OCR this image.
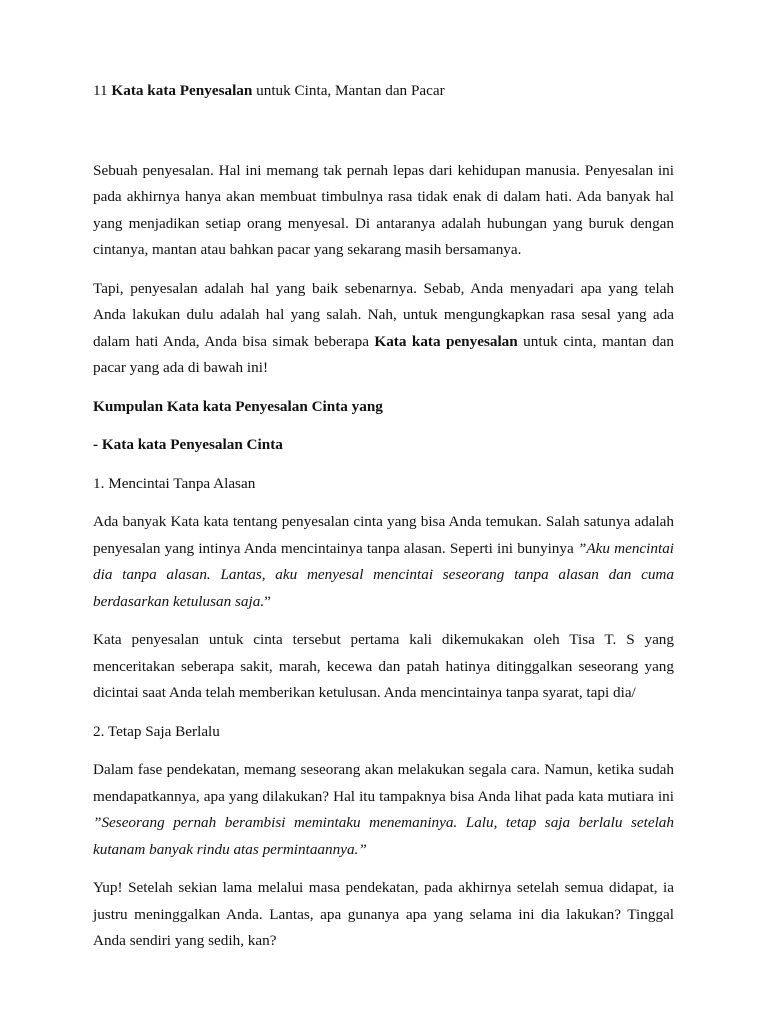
11 Kata kata Penyesalan untuk Cinta, Mantan dan Pacar

Sebuah penyesalan. Hal ini memang tak pernah lepas dari kehidupan manusia. Penyesalan ini pada akhirnya hanya akan membuat timbulnya rasa tidak enak di dalam hati. Ada banyak hal yang menjadikan setiap orang menyesal. Di antaranya adalah hubungan yang buruk dengan cintanya, mantan atau bahkan pacar yang sekarang masih bersamanya.

Tapi, penyesalan adalah hal yang baik sebenarnya. Sebab, Anda menyadari apa yang telah Anda lakukan dulu adalah hal yang salah. Nah, untuk mengungkapkan rasa sesal yang ada dalam hati Anda, Anda bisa simak beberapa Kata kata penyesalan untuk cinta, mantan dan pacar yang ada di bawah ini!

Kumpulan Kata kata Penyesalan Cinta yang
- Kata kata Penyesalan Cinta
1. Mencintai Tanpa Alasan

Ada banyak Kata kata tentang penyesalan cinta yang bisa Anda temukan. Salah satunya adalah penyesalan yang intinya Anda mencintainya tanpa alasan. Seperti ini bunyinya ”Aku mencintai dia tanpa alasan. Lantas, aku menyesal mencintai seseorang tanpa alasan dan cuma berdasarkan ketulusan saja.”

Kata penyesalan untuk cinta tersebut pertama kali dikemukakan oleh Tisa T. S yang menceritakan seberapa sakit, marah, kecewa dan patah hatinya ditinggalkan seseorang yang dicintai saat Anda telah memberikan ketulusan. Anda mencintainya tanpa syarat, tapi dia/

2. Tetap Saja Berlalu

Dalam fase pendekatan, memang seseorang akan melakukan segala cara. Namun, ketika sudah mendapatkannya, apa yang dilakukan? Hal itu tampaknya bisa Anda lihat pada kata mutiara ini ”Seseorang pernah berambisi memintaku menemaninya. Lalu, tetap saja berlalu setelah kutanam banyak rindu atas permintaannya.”

Yup! Setelah sekian lama melalui masa pendekatan, pada akhirnya setelah semua didapat, ia justru meninggalkan Anda. Lantas, apa gunanya apa yang selama ini dia lakukan? Tinggal Anda sendiri yang sedih, kan?
